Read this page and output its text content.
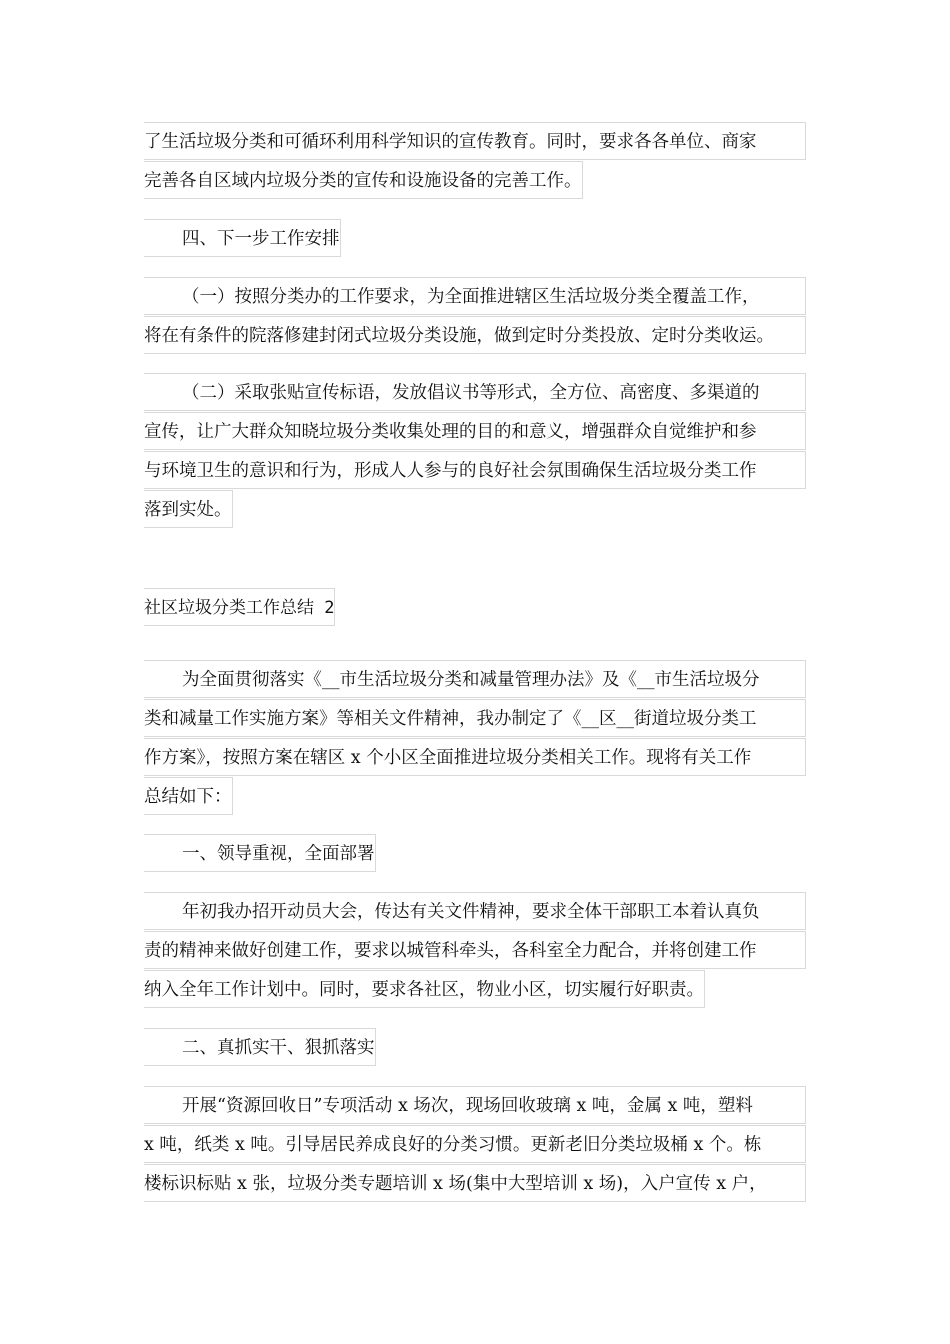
了生活垃圾分类和可循环利用科学知识的宣传教育。同时，要求各各单位、商家
完善各自区域内垃圾分类的宣传和设施设备的完善工作。
四、下一步工作安排
（一）按照分类办的工作要求，为全面推进辖区生活垃圾分类全覆盖工作，
将在有条件的院落修建封闭式垃圾分类设施，做到定时分类投放、定时分类收运。
（二）采取张贴宣传标语，发放倡议书等形式，全方位、高密度、多渠道的
宣传，让广大群众知晓垃圾分类收集处理的目的和意义，增强群众自觉维护和参
与环境卫生的意识和行为，形成人人参与的良好社会氛围确保生活垃圾分类工作
落到实处。
社区垃圾分类工作总结 2
为全面贯彻落实《__市生活垃圾分类和减量管理办法》及《__市生活垃圾分
类和减量工作实施方案》等相关文件精神，我办制定了《__区__街道垃圾分类工
作方案》，按照方案在辖区 x 个小区全面推进垃圾分类相关工作。现将有关工作
总结如下：
一、领导重视，全面部署
年初我办招开动员大会，传达有关文件精神，要求全体干部职工本着认真负
责的精神来做好创建工作，要求以城管科牵头，各科室全力配合，并将创建工作
纳入全年工作计划中。同时，要求各社区，物业小区，切实履行好职责。
二、真抓实干、狠抓落实
开展“资源回收日”专项活动 x 场次，现场回收玻璃 x 吨，金属 x 吨，塑料
x 吨，纸类 x 吨。引导居民养成良好的分类习惯。更新老旧分类垃圾桶 x 个。栋
楼标识标贴 x 张，垃圾分类专题培训 x 场(集中大型培训 x 场)，入户宣传 x 户，
